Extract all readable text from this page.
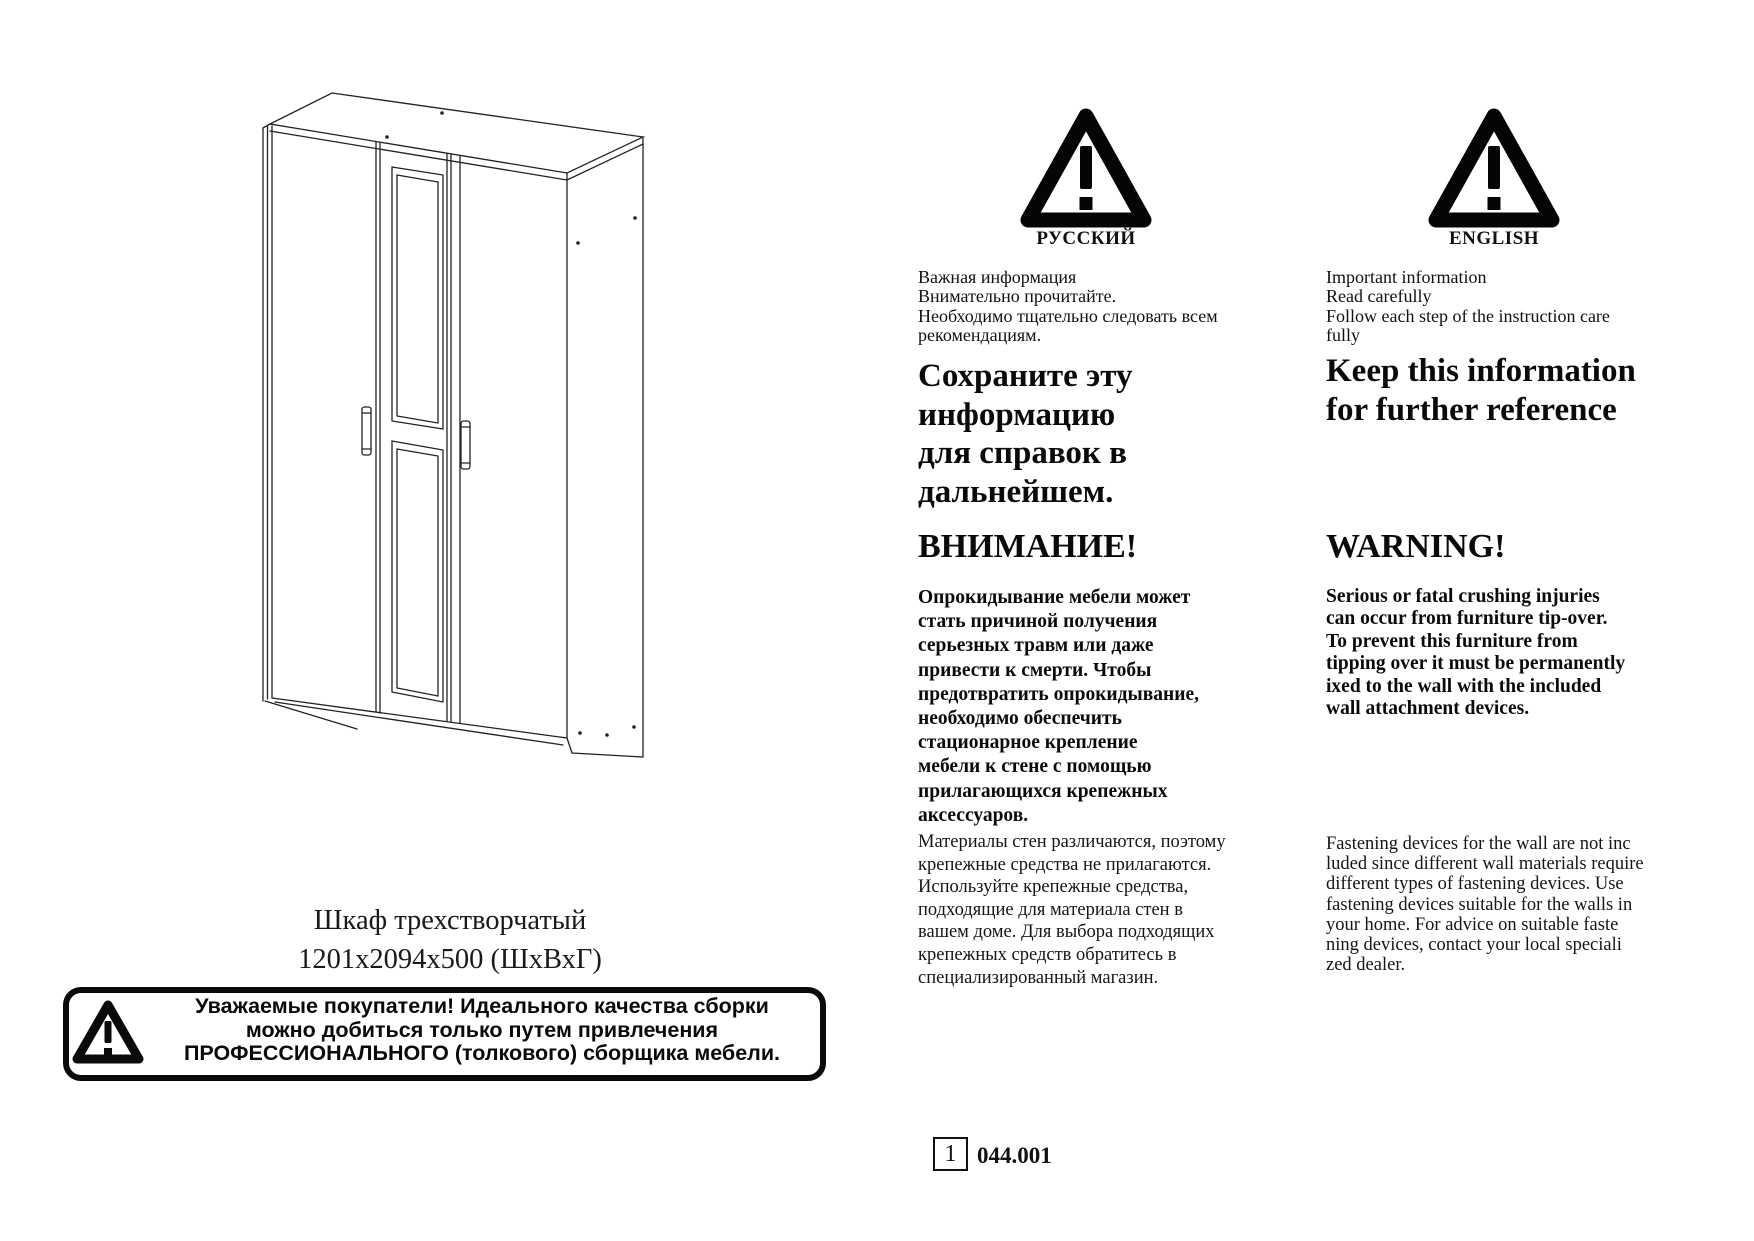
Шкаф трехстворчатый
1201x2094x500 (ШхВхГ)
Уважаемые покупатели! Идеального качества сборки
можно добиться только путем привлечения
ПРОФЕССИОНАЛЬНОГО (толкового) сборщика мебели.
РУССКИЙ
Важная информация
Внимательно прочитайте.
Необходимо тщательно следовать всем
рекомендациям.
Сохраните эту
информацию
для справок в
дальнейшем.
ВНИМАНИЕ!
Опрокидывание мебели может
стать причиной получения
серьезных травм или даже
привести к смерти. Чтобы
предотвратить опрокидывание,
необходимо обеспечить
стационарное крепление
мебели к стене с помощью
прилагающихся крепежных
аксессуаров.
Материалы стен различаются, поэтому
крепежные средства не прилагаются.
Используйте крепежные средства,
подходящие для материала стен в
вашем доме. Для выбора подходящих
крепежных средств обратитесь в
специализированный магазин.
ENGLISH
Important information
Read carefully
Follow each step of the instruction care
fully
Keep this information
for further reference
WARNING!
Serious or fatal crushing injuries
can occur from furniture tip-over.
To prevent this furniture from
tipping over it must be permanently
ixed to the wall with the included
wall attachment devices.
Fastening devices for the wall are not inc
luded since different wall materials require
different types of fastening devices. Use
fastening devices suitable for the walls in
your home. For advice on suitable faste
ning devices, contact your local speciali
zed dealer.
1 044.001
